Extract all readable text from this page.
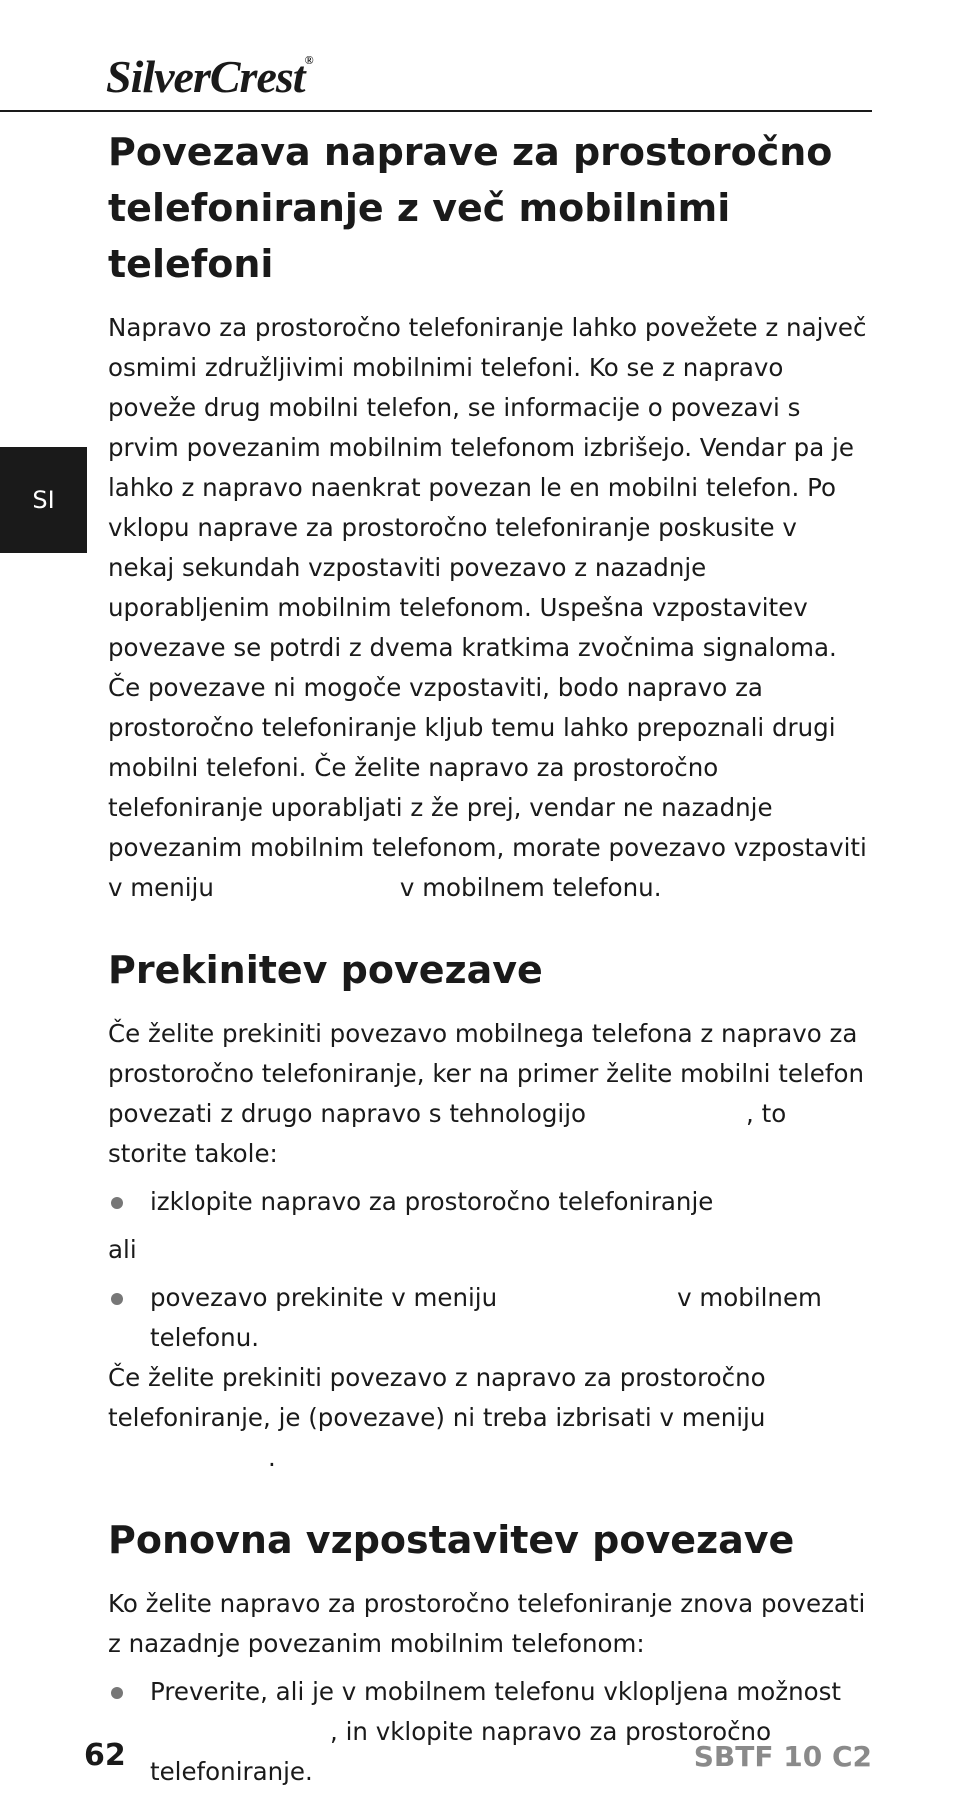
SilverCrest®
SI
Povezava naprave za prostoročno telefoniranje z več mobilnimi telefoni

Napravo za prostoročno telefoniranje lahko povežete z največ osmimi združljivimi mobilnimi telefoni. Ko se z napravo poveže drug mobilni telefon, se informacije o povezavi s prvim povezanim mobilnim telefonom izbrišejo. Vendar pa je lahko z napravo naenkrat povezan le en mobilni telefon. Po vklopu naprave za prostoročno telefoniranje poskusite v nekaj sekundah vzpostaviti povezavo z nazadnje uporabljenim mobilnim telefonom. Uspešna vzpostavitev povezave se potrdi z dvema kratkima zvočnima signaloma. Če povezave ni mogoče vzpostaviti, bodo napravo za prostoročno telefoniranje kljub temu lahko prepoznali drugi mobilni telefoni. Če želite napravo za prostoročno telefoniranje uporabljati z že prej, vendar ne nazadnje povezanim mobilnim telefonom, morate povezavo vzpostaviti v meniju	v mobilnem telefonu.

Prekinitev povezave

Če želite prekiniti povezavo mobilnega telefona z napravo za prostoročno telefoniranje, ker na primer želite mobilni telefon povezati z drugo napravo s tehnologijo	, to storite takole:

izklopite napravo za prostoročno telefoniranje

ali

povezavo prekinite v meniju	v mobilnem telefonu.

Če želite prekiniti povezavo z napravo za prostoročno telefoniranje, je (povezave) ni treba izbrisati v meniju.

Ponovna vzpostavitev povezave

Ko želite napravo za prostoročno telefoniranje znova povezati z nazadnje povezanim mobilnim telefonom:

Preverite, ali je v mobilnem telefonu vklopljena možnost, in vklopite napravo za prostoročno telefoniranje.
62	SBTF 10 C2
